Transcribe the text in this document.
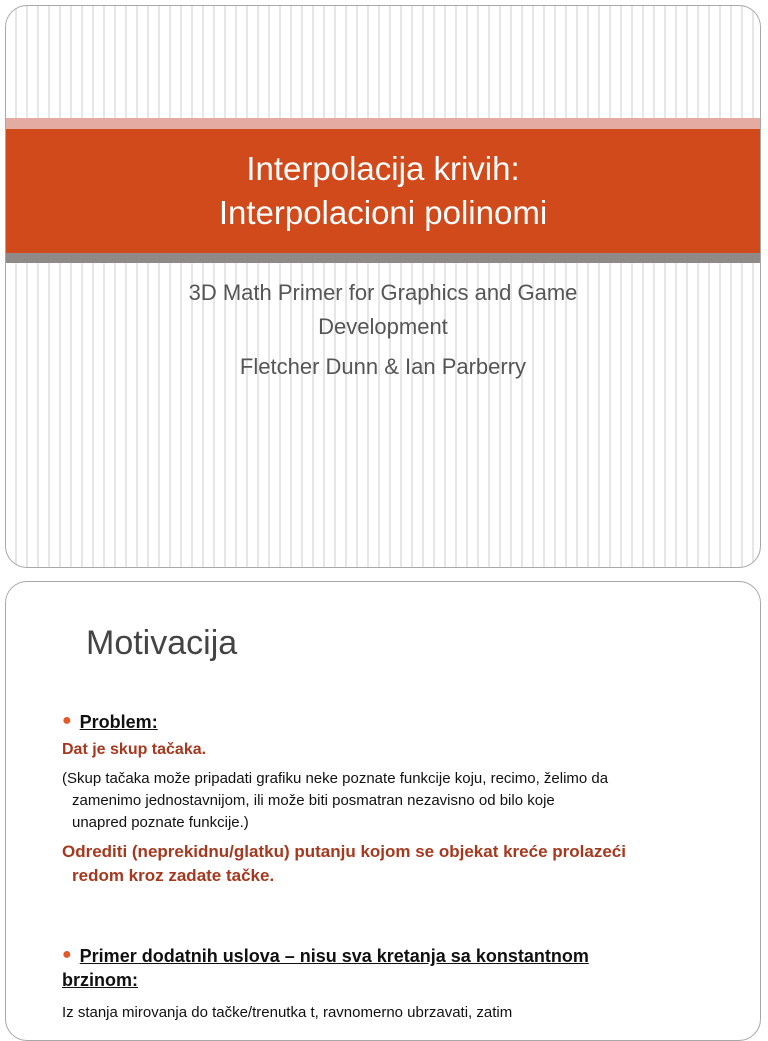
Interpolacija krivih:
Interpolacioni polinomi
3D Math Primer for Graphics and Game
Development
Fletcher Dunn & Ian Parberry
Motivacija
● Problem:
Dat je skup tačaka.
(Skup tačaka može pripadati grafiku neke poznate funkcije koju, recimo, želimo da
zamenimo jednostavnijom, ili može biti posmatran nezavisno od bilo koje
unapred poznate funkcije.)
Odrediti (neprekidnu/glatku) putanju kojom se objekat kreće prolazeći
redom kroz zadate tačke.
● Primer dodatnih uslova – nisu sva kretanja sa konstantnom
brzinom:
Iz stanja mirovanja do tačke/trenutka t, ravnomerno ubrzavati, zatim
